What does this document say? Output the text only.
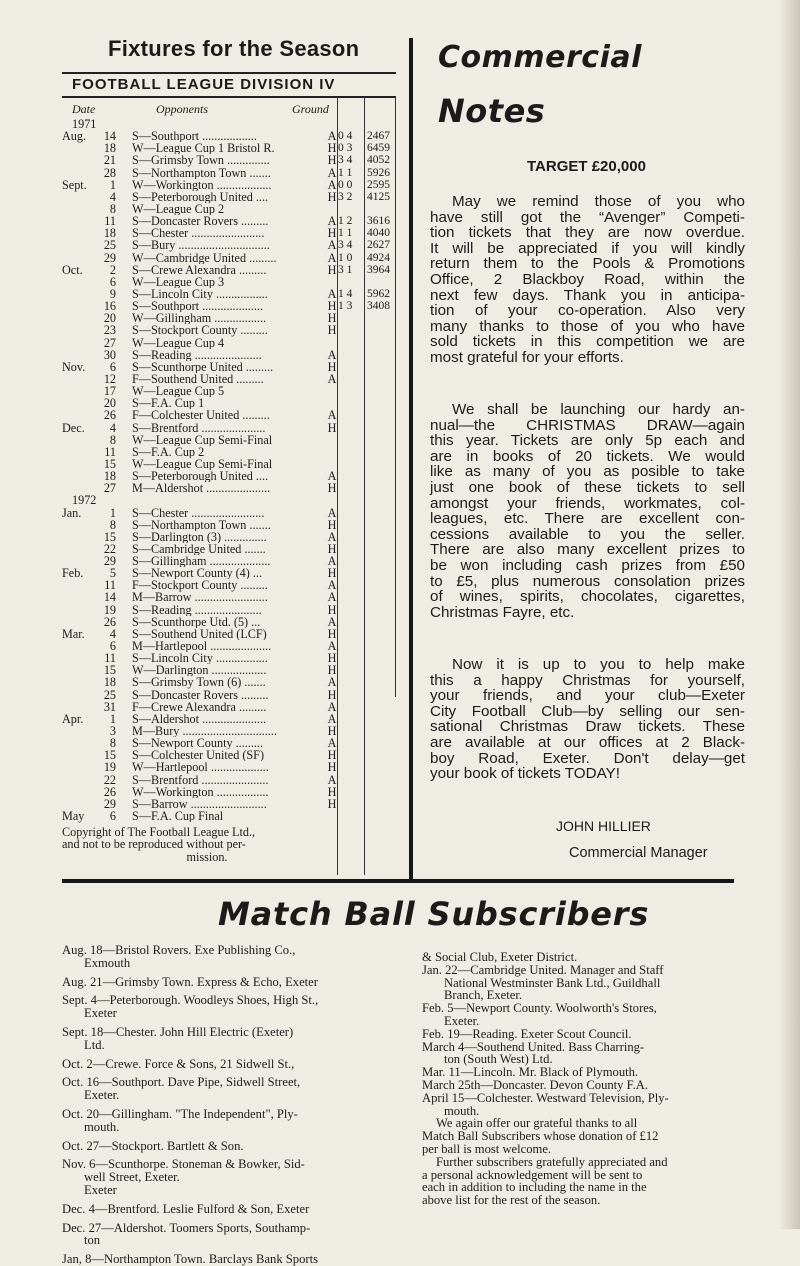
Fixtures for the Season
FOOTBALL LEAGUE DIVISION IV
Date	Opponents	Ground
1971
Aug.	14 S—Southport ..................	A 0 4	2467
18 W—League Cup 1 Bristol R.	H 0 3	6459
21 S—Grimsby Town ..............	H 3 4	4052
28 S—Northampton Town .......	A 1 1	5926
Sept.	1 W—Workington ..................	A 0 0	2595
4 S—Peterborough United ....	H 3 2	4125
8 W—League Cup 2
11 S—Doncaster Rovers .........	A 1 2	3616
18 S—Chester ........................	H 1 1	4040
25 S—Bury ..............................	A 3 4	2627
29 W—Cambridge United .........	A 1 0	4924
Oct.	2 S—Crewe Alexandra .........	H 3 1	3964
6 W—League Cup 3
9 S—Lincoln City .................	A 1 4	5962
16 S—Southport ....................	H 1 3	3408
20 W—Gillingham .................	H
23 S—Stockport County .........	H
27 W—League Cup 4
30 S—Reading ......................	A
Nov.	6 S—Scunthorpe United .........	H
12 F—Southend United .........	A
17 W—League Cup 5
20 S—F.A. Cup 1
26 F—Colchester United .........	A
Dec.	4 S—Brentford .....................	H
8 W—League Cup Semi-Final
11 S—F.A. Cup 2
15 W—League Cup Semi-Final
18 S—Peterborough United ....	A
27 M—Aldershot .....................	H
1972
Jan.	1 S—Chester ........................	A
8 S—Northampton Town .......	H
15 S—Darlington (3) ..............	A
22 S—Cambridge United .......	H
29 S—Gillingham ....................	A
Feb.	5 S—Newport County (4) ...	H
11 F—Stockport County .........	A
14 M—Barrow ........................	A
19 S—Reading ......................	H
26 S—Scunthorpe Utd. (5) ...	A
Mar.	4 S—Southend United (LCF)	H
6 M—Hartlepool ....................	A
11 S—Lincoln City .................	H
15 W—Darlington ..................	H
18 S—Grimsby Town (6) .......	A
25 S—Doncaster Rovers .........	H
31 F—Crewe Alexandra .........	A
Apr.	1 S—Aldershot .....................	A
3 M—Bury ...............................	H
8 S—Newport County .........	A
15 S—Colchester United (SF)	H
19 W—Hartlepool ...................	H
22 S—Brentford ......................	A
26 W—Workington .................	H
29 S—Barrow .........................	H
May	6 S—F.A. Cup Final
Copyright of The Football League Ltd.,
and not to be reproduced without per-
mission.
Commercial
Notes
TARGET £20,000
May we remind those of you who
have still got the “Avenger” Competi-
tion tickets that they are now overdue.
It will be appreciated if you will kindly
return them to the Pools & Promotions
Office, 2 Blackboy Road, within the
next few days. Thank you in anticipa-
tion of your co-operation. Also very
many thanks to those of you who have
sold tickets in this competition we are
most grateful for your efforts.
We shall be launching our hardy an-
nual—the CHRISTMAS DRAW—again
this year. Tickets are only 5p each and
are in books of 20 tickets. We would
like as many of you as posible to take
just one book of these tickets to sell
amongst your friends, workmates, col-
leagues, etc. There are excellent con-
cessions available to you the seller.
There are also many excellent prizes to
be won including cash prizes from £50
to £5, plus numerous consolation prizes
of wines, spirits, chocolates, cigarettes,
Christmas Fayre, etc.
Now it is up to you to help make
this a happy Christmas for yourself,
your friends, and your club—Exeter
City Football Club—by selling our sen-
sational Christmas Draw tickets. These
are available at our offices at 2 Black-
boy Road, Exeter. Don't delay—get
your book of tickets TODAY!
JOHN HILLIER
Commercial Manager
Match Ball Subscribers
Aug. 18—Bristol Rovers. Exe Publishing Co.,
Exmouth
Aug. 21—Grimsby Town. Express & Echo, Exeter
Sept. 4—Peterborough. Woodleys Shoes, High St.,
Exeter
Sept. 18—Chester. John Hill Electric (Exeter)
Ltd.
Oct. 2—Crewe. Force & Sons, 21 Sidwell St.,
Oct. 16—Southport. Dave Pipe, Sidwell Street,
Exeter.
Oct. 20—Gillingham. "The Independent", Ply-
mouth.
Oct. 27—Stockport. Bartlett & Son.
Nov. 6—Scunthorpe. Stoneman & Bowker, Sid-
well Street, Exeter.
Exeter
Dec. 4—Brentford. Leslie Fulford & Son, Exeter
Dec. 27—Aldershot. Toomers Sports, Southamp-
ton
Jan, 8—Northampton Town. Barclays Bank Sports
& Social Club, Exeter District.
Jan. 22—Cambridge United. Manager and Staff
National Westminster Bank Ltd., Guildhall
Branch, Exeter.
Feb. 5—Newport County. Woolworth's Stores,
Exeter.
Feb. 19—Reading. Exeter Scout Council.
March 4—Southend United. Bass Charring-
ton (South West) Ltd.
Mar. 11—Lincoln. Mr. Black of Plymouth.
March 25th—Doncaster. Devon County F.A.
April 15—Colchester. Westward Television, Ply-
mouth.
We again offer our grateful thanks to all
Match Ball Subscribers whose donation of £12
per ball is most welcome.
Further subscribers gratefully appreciated and
a personal acknowledgement will be sent to
each in addition to including the name in the
above list for the rest of the season.
